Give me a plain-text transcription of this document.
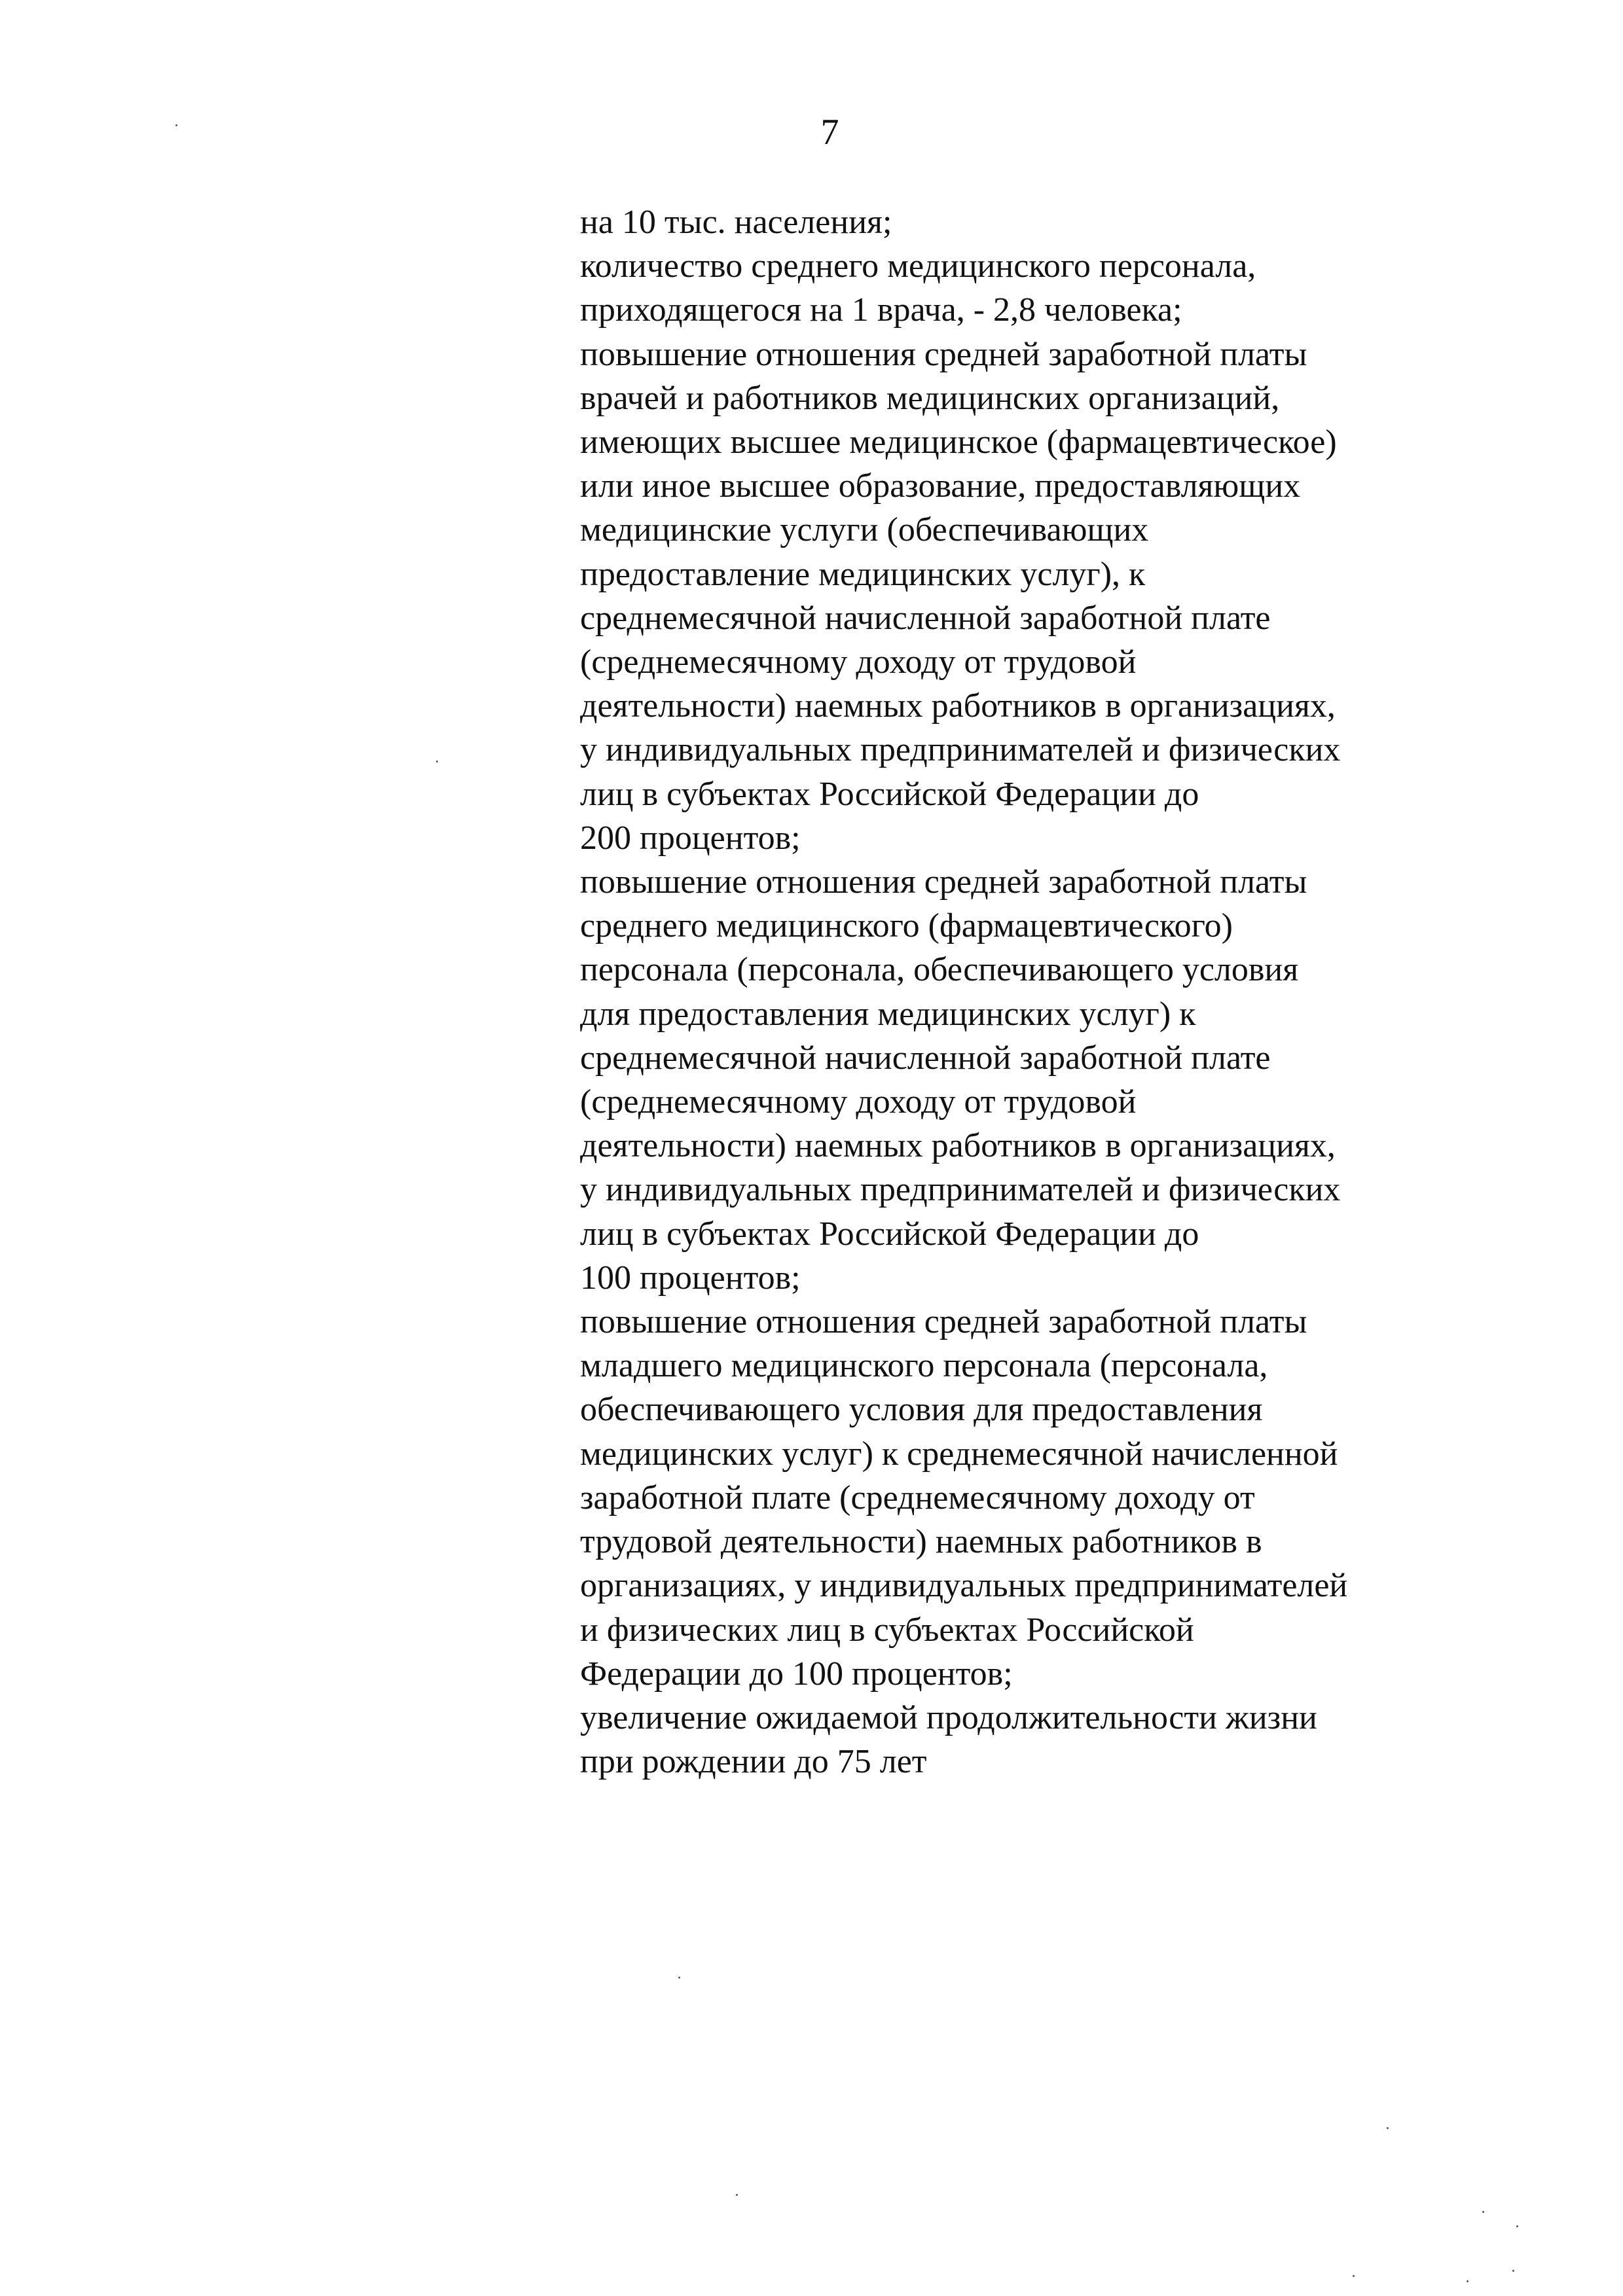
7
на 10 тыс. населения;
количество среднего медицинского персонала,
приходящегося на 1 врача, - 2,8 человека;
повышение отношения средней заработной платы
врачей и работников медицинских организаций,
имеющих высшее медицинское (фармацевтическое)
или иное высшее образование, предоставляющих
медицинские услуги (обеспечивающих
предоставление медицинских услуг), к
среднемесячной начисленной заработной плате
(среднемесячному доходу от трудовой
деятельности) наемных работников в организациях,
у индивидуальных предпринимателей и физических
лиц в субъектах Российской Федерации до
200 процентов;
повышение отношения средней заработной платы
среднего медицинского (фармацевтического)
персонала (персонала, обеспечивающего условия
для предоставления медицинских услуг) к
среднемесячной начисленной заработной плате
(среднемесячному доходу от трудовой
деятельности) наемных работников в организациях,
у индивидуальных предпринимателей и физических
лиц в субъектах Российской Федерации до
100 процентов;
повышение отношения средней заработной платы
младшего медицинского персонала (персонала,
обеспечивающего условия для предоставления
медицинских услуг) к среднемесячной начисленной
заработной плате (среднемесячному доходу от
трудовой деятельности) наемных работников в
организациях, у индивидуальных предпринимателей
и физических лиц в субъектах Российской
Федерации до 100 процентов;
увеличение ожидаемой продолжительности жизни
при рождении до 75 лет
